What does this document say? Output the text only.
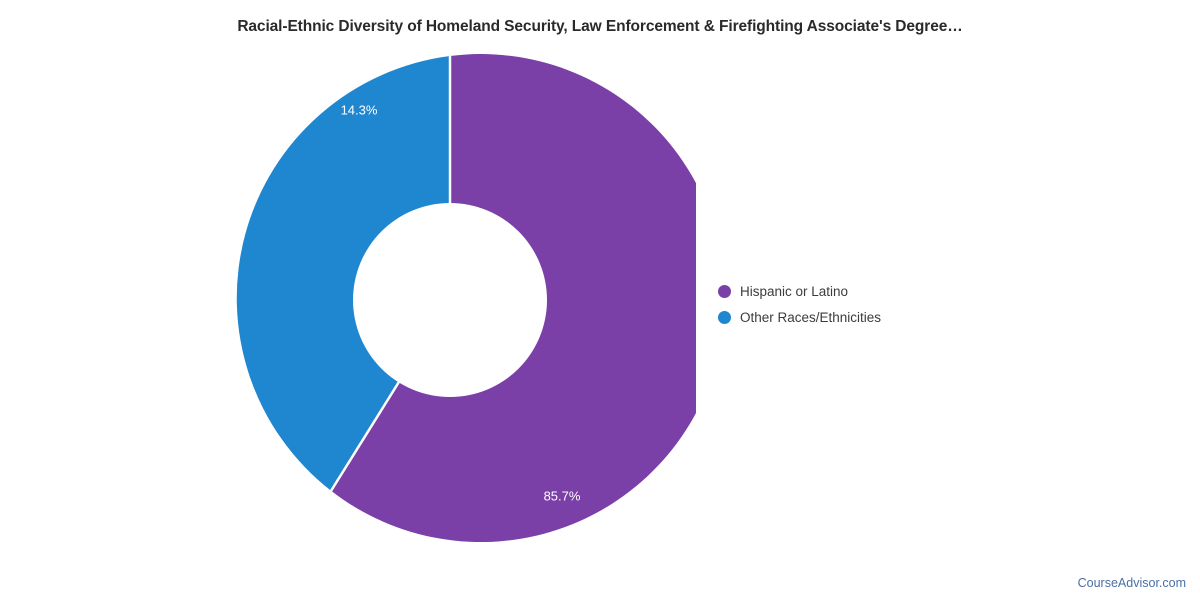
Racial-Ethnic Diversity of Homeland Security, Law Enforcement & Firefighting Associate's Degree…
85.7%
14.3%
Hispanic or Latino
Other Races/Ethnicities
CourseAdvisor.com
